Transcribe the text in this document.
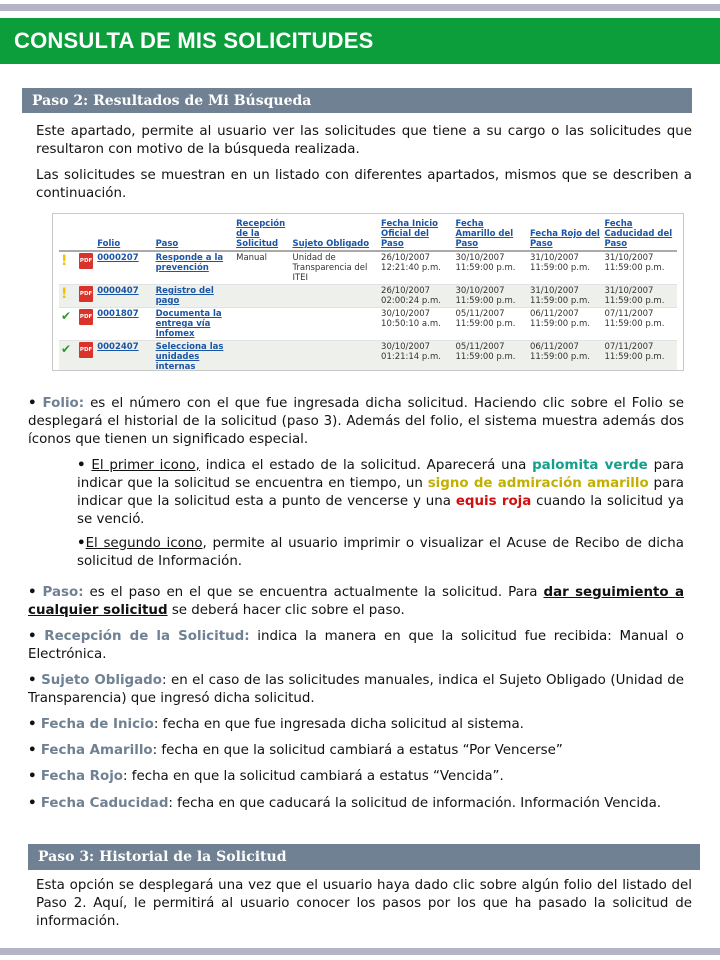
CONSULTA DE MIS SOLICITUDES
Paso 2: Resultados de Mi Búsqueda

Este apartado, permite al usuario ver las solicitudes que tiene a su cargo o las solicitudes que resultaron con motivo de la búsqueda realizada.

Las solicitudes se muestran en un listado con diferentes apartados, mismos que se describen a continuación.

		Folio	Paso	Recepción de la Solicitud	Sujeto Obligado	Fecha Inicio Oficial del Paso	Fecha Amarillo del Paso	Fecha Rojo del Paso	Fecha Caducidad del Paso
!	PDF	0000207	Responde a la prevención	Manual	Unidad de Transparencia del ITEI	26/10/2007 12:21:40 p.m.	30/10/2007 11:59:00 p.m.	31/10/2007 11:59:00 p.m.	31/10/2007 11:59:00 p.m.
!	PDF	0000407	Registro del pago			26/10/2007 02:00:24 p.m.	30/10/2007 11:59:00 p.m.	31/10/2007 11:59:00 p.m.	31/10/2007 11:59:00 p.m.
✔	PDF	0001807	Documenta la entrega vía Infomex			30/10/2007 10:50:10 a.m.	05/11/2007 11:59:00 p.m.	06/11/2007 11:59:00 p.m.	07/11/2007 11:59:00 p.m.
✔	PDF	0002407	Selecciona las unidades internas			30/10/2007 01:21:14 p.m.	05/11/2007 11:59:00 p.m.	06/11/2007 11:59:00 p.m.	07/11/2007 11:59:00 p.m.

• Folio: es el número con el que fue ingresada dicha solicitud. Haciendo clic sobre el Folio se desplegará el historial de la solicitud (paso 3). Además del folio, el sistema muestra además dos íconos que tienen un significado especial.

• El primer icono, indica el estado de la solicitud. Aparecerá una palomita verde para indicar que la solicitud se encuentra en tiempo, un signo de admiración amarillo para indicar que la solicitud esta a punto de vencerse y una equis roja cuando la solicitud ya se venció.

•El segundo icono, permite al usuario imprimir o visualizar el Acuse de Recibo de dicha solicitud de Información.

• Paso: es el paso en el que se encuentra actualmente la solicitud. Para dar seguimiento a cualquier solicitud se deberá hacer clic sobre el paso.

• Recepción de la Solicitud: indica la manera en que la solicitud fue recibida: Manual o Electrónica.

• Sujeto Obligado: en el caso de las solicitudes manuales, indica el Sujeto Obligado (Unidad de Transparencia) que ingresó dicha solicitud.

• Fecha de Inicio: fecha en que fue ingresada dicha solicitud al sistema.

• Fecha Amarillo: fecha en que la solicitud cambiará a estatus “Por Vencerse”

• Fecha Rojo: fecha en que la solicitud cambiará a estatus “Vencida”.

• Fecha Caducidad: fecha en que caducará la solicitud de información. Información Vencida.

Paso 3: Historial de la Solicitud

Esta opción se desplegará una vez que el usuario haya dado clic sobre algún folio del listado del Paso 2. Aquí, le permitirá al usuario conocer los pasos por los que ha pasado la solicitud de información.
